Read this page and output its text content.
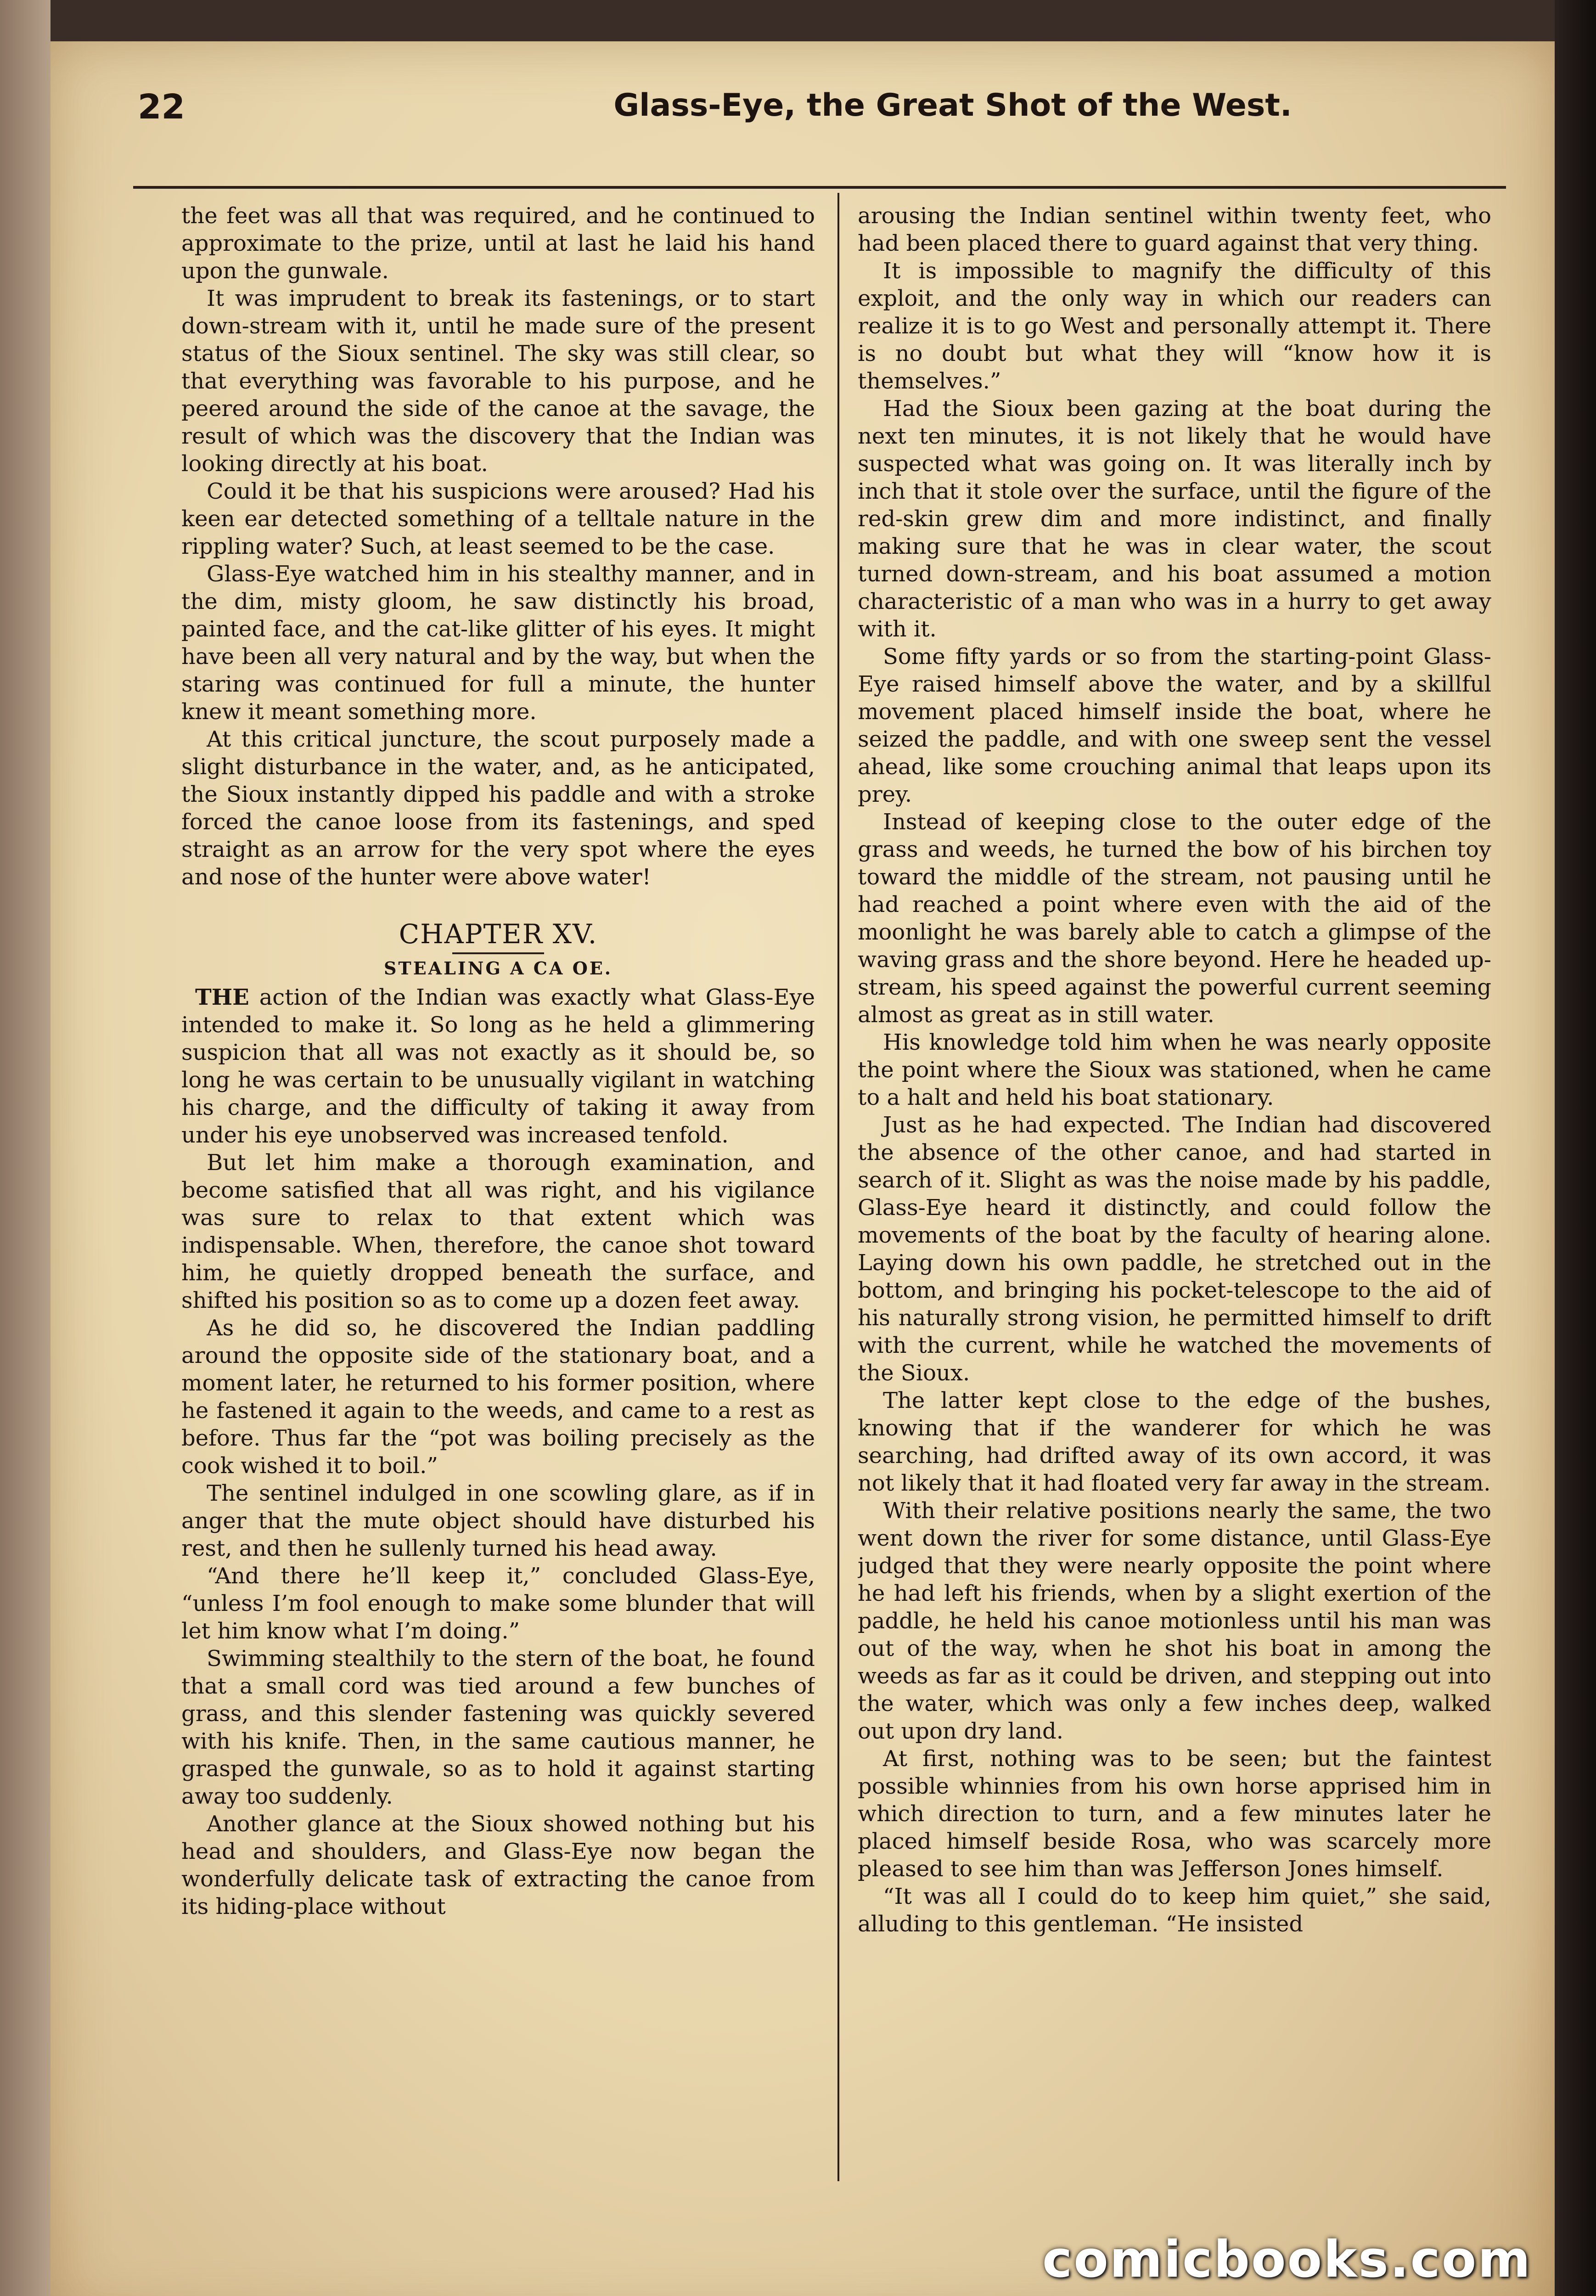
22	Glass-Eye, the Great Shot of the West.

the feet was all that was required, and he continued to approximate to the prize, until at last he laid his hand upon the gunwale.

It was imprudent to break its fastenings, or to start down-stream with it, until he made sure of the present status of the Sioux sentinel. The sky was still clear, so that everything was favorable to his purpose, and he peered around the side of the canoe at the savage, the result of which was the discovery that the Indian was looking directly at his boat.

Could it be that his suspicions were aroused? Had his keen ear detected something of a telltale nature in the rippling water? Such, at least seemed to be the case.

Glass-Eye watched him in his stealthy manner, and in the dim, misty gloom, he saw distinctly his broad, painted face, and the cat-like glitter of his eyes. It might have been all very natural and by the way, but when the staring was continued for full a minute, the hunter knew it meant something more.

At this critical juncture, the scout purposely made a slight disturbance in the water, and, as he anticipated, the Sioux instantly dipped his paddle and with a stroke forced the canoe loose from its fastenings, and sped straight as an arrow for the very spot where the eyes and nose of the hunter were above water!

CHAPTER XV.
STEALING A CA OE.

THE action of the Indian was exactly what Glass-Eye intended to make it. So long as he held a glimmering suspicion that all was not exactly as it should be, so long he was certain to be unusually vigilant in watching his charge, and the difficulty of taking it away from under his eye unobserved was increased tenfold.

But let him make a thorough examination, and become satisfied that all was right, and his vigilance was sure to relax to that extent which was indispensable. When, therefore, the canoe shot toward him, he quietly dropped beneath the surface, and shifted his position so as to come up a dozen feet away.

As he did so, he discovered the Indian paddling around the opposite side of the stationary boat, and a moment later, he returned to his former position, where he fastened it again to the weeds, and came to a rest as before. Thus far the “pot was boiling precisely as the cook wished it to boil.”

The sentinel indulged in one scowling glare, as if in anger that the mute object should have disturbed his rest, and then he sullenly turned his head away.

“And there he’ll keep it,” concluded Glass-Eye, “unless I’m fool enough to make some blunder that will let him know what I’m doing.”

Swimming stealthily to the stern of the boat, he found that a small cord was tied around a few bunches of grass, and this slender fastening was quickly severed with his knife. Then, in the same cautious manner, he grasped the gunwale, so as to hold it against starting away too suddenly.

Another glance at the Sioux showed nothing but his head and shoulders, and Glass-Eye now began the wonderfully delicate task of extracting the canoe from its hiding-place without

arousing the Indian sentinel within twenty feet, who had been placed there to guard against that very thing.

It is impossible to magnify the difficulty of this exploit, and the only way in which our readers can realize it is to go West and personally attempt it. There is no doubt but what they will “know how it is themselves.”

Had the Sioux been gazing at the boat during the next ten minutes, it is not likely that he would have suspected what was going on. It was literally inch by inch that it stole over the surface, until the figure of the red-skin grew dim and more indistinct, and finally making sure that he was in clear water, the scout turned down-stream, and his boat assumed a motion characteristic of a man who was in a hurry to get away with it.

Some fifty yards or so from the starting-point Glass-Eye raised himself above the water, and by a skillful movement placed himself inside the boat, where he seized the paddle, and with one sweep sent the vessel ahead, like some crouching animal that leaps upon its prey.

Instead of keeping close to the outer edge of the grass and weeds, he turned the bow of his birchen toy toward the middle of the stream, not pausing until he had reached a point where even with the aid of the moonlight he was barely able to catch a glimpse of the waving grass and the shore beyond. Here he headed up-stream, his speed against the powerful current seeming almost as great as in still water.

His knowledge told him when he was nearly opposite the point where the Sioux was stationed, when he came to a halt and held his boat stationary.

Just as he had expected. The Indian had discovered the absence of the other canoe, and had started in search of it. Slight as was the noise made by his paddle, Glass-Eye heard it distinctly, and could follow the movements of the boat by the faculty of hearing alone. Laying down his own paddle, he stretched out in the bottom, and bringing his pocket-telescope to the aid of his naturally strong vision, he permitted himself to drift with the current, while he watched the movements of the Sioux.

The latter kept close to the edge of the bushes, knowing that if the wanderer for which he was searching, had drifted away of its own accord, it was not likely that it had floated very far away in the stream.

With their relative positions nearly the same, the two went down the river for some distance, until Glass-Eye judged that they were nearly opposite the point where he had left his friends, when by a slight exertion of the paddle, he held his canoe motionless until his man was out of the way, when he shot his boat in among the weeds as far as it could be driven, and stepping out into the water, which was only a few inches deep, walked out upon dry land.

At first, nothing was to be seen; but the faintest possible whinnies from his own horse apprised him in which direction to turn, and a few minutes later he placed himself beside Rosa, who was scarcely more pleased to see him than was Jefferson Jones himself.

“It was all I could do to keep him quiet,” she said, alluding to this gentleman. “He insisted

comicbooks.com
